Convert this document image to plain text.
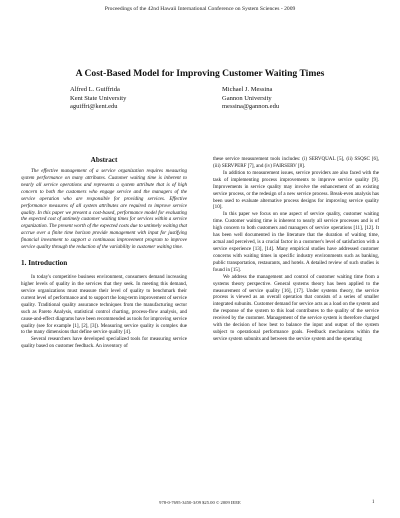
Proceedings of the 42nd Hawaii International Conference on System Sciences - 2009
A Cost-Based Model for Improving Customer Waiting Times
Alfred L. Guiffrida
Kent State University
aguiffri@kent.edu
Michael J. Messina
Gannon University
messina@gannon.edu
Abstract

The effective management of a service organization requires measuring system performance on many attributes. Customer waiting time is inherent to nearly all service operations and represents a system attribute that is of high concern to both the customers who engage service and the managers of the service operation who are responsible for providing services. Effective performance measures of all system attributes are required to improve service quality. In this paper we present a cost-based, performance model for evaluating the expected cost of untimely customer waiting times for services within a service organization. The present worth of the expected costs due to untimely waiting that accrue over a finite time horizon provide management with input for justifying financial investment to support a continuous improvement program to improve service quality through the reduction of the variability in customer waiting time.

1. Introduction

In today's competitive business environment, consumers demand increasing higher levels of quality in the services that they seek. In meeting this demand, service organizations must measure their level of quality to benchmark their current level of performance and to support the long-term improvement of service quality. Traditional quality assurance techniques from the manufacturing sector such as Pareto Analysis, statistical control charting, process-flow analysis, and cause-and-effect diagrams have been recommended as tools for improving service quality (see for example [1], [2], [3]). Measuring service quality is complex due to the many dimensions that define service quality [4].

Several researchers have developed specialized tools for measuring service quality based on customer feedback. An inventory of

these service measurement tools includes: (i) SERVQUAL [5], (ii) SSQSC [6], (iii) SERVPERF [7], and (iv) FAIRSERV [8].

In addition to measurement issues, service providers are also faced with the task of implementing process improvements to improve service quality [9]. Improvements in service quality may involve the enhancement of an existing service process, or the redesign of a new service process. Break-even analysis has been used to evaluate alternative process designs for improving service quality [10].

In this paper we focus on one aspect of service quality, customer waiting time. Customer waiting time is inherent to nearly all service processes and is of high concern to both customers and managers of service operations [11], [12]. It has been well documented in the literature that the duration of waiting time, actual and perceived, is a crucial factor in a customer's level of satisfaction with a service experience [13], [14]. Many empirical studies have addressed customer concerns with waiting times in specific industry environments such as banking, public transportation, restaurants, and hotels. A detailed review of such studies is found in [15].

We address the management and control of customer waiting time from a systems theory perspective. General systems theory has been applied to the measurement of service quality [16], [17]. Under systems theory, the service process is viewed as an overall operation that consists of a series of smaller integrated subunits. Customer demand for service acts as a load on the system and the response of the system to this load contributes to the quality of the service received by the customer. Management of the service system is therefore charged with the decision of how best to balance the input and output of the system subject to operational performance goals. Feedback mechanisms within the service system subunits and between the service system and the operating

978-0-7695-3450-3/09 $25.00 © 2009 IEEE	1
